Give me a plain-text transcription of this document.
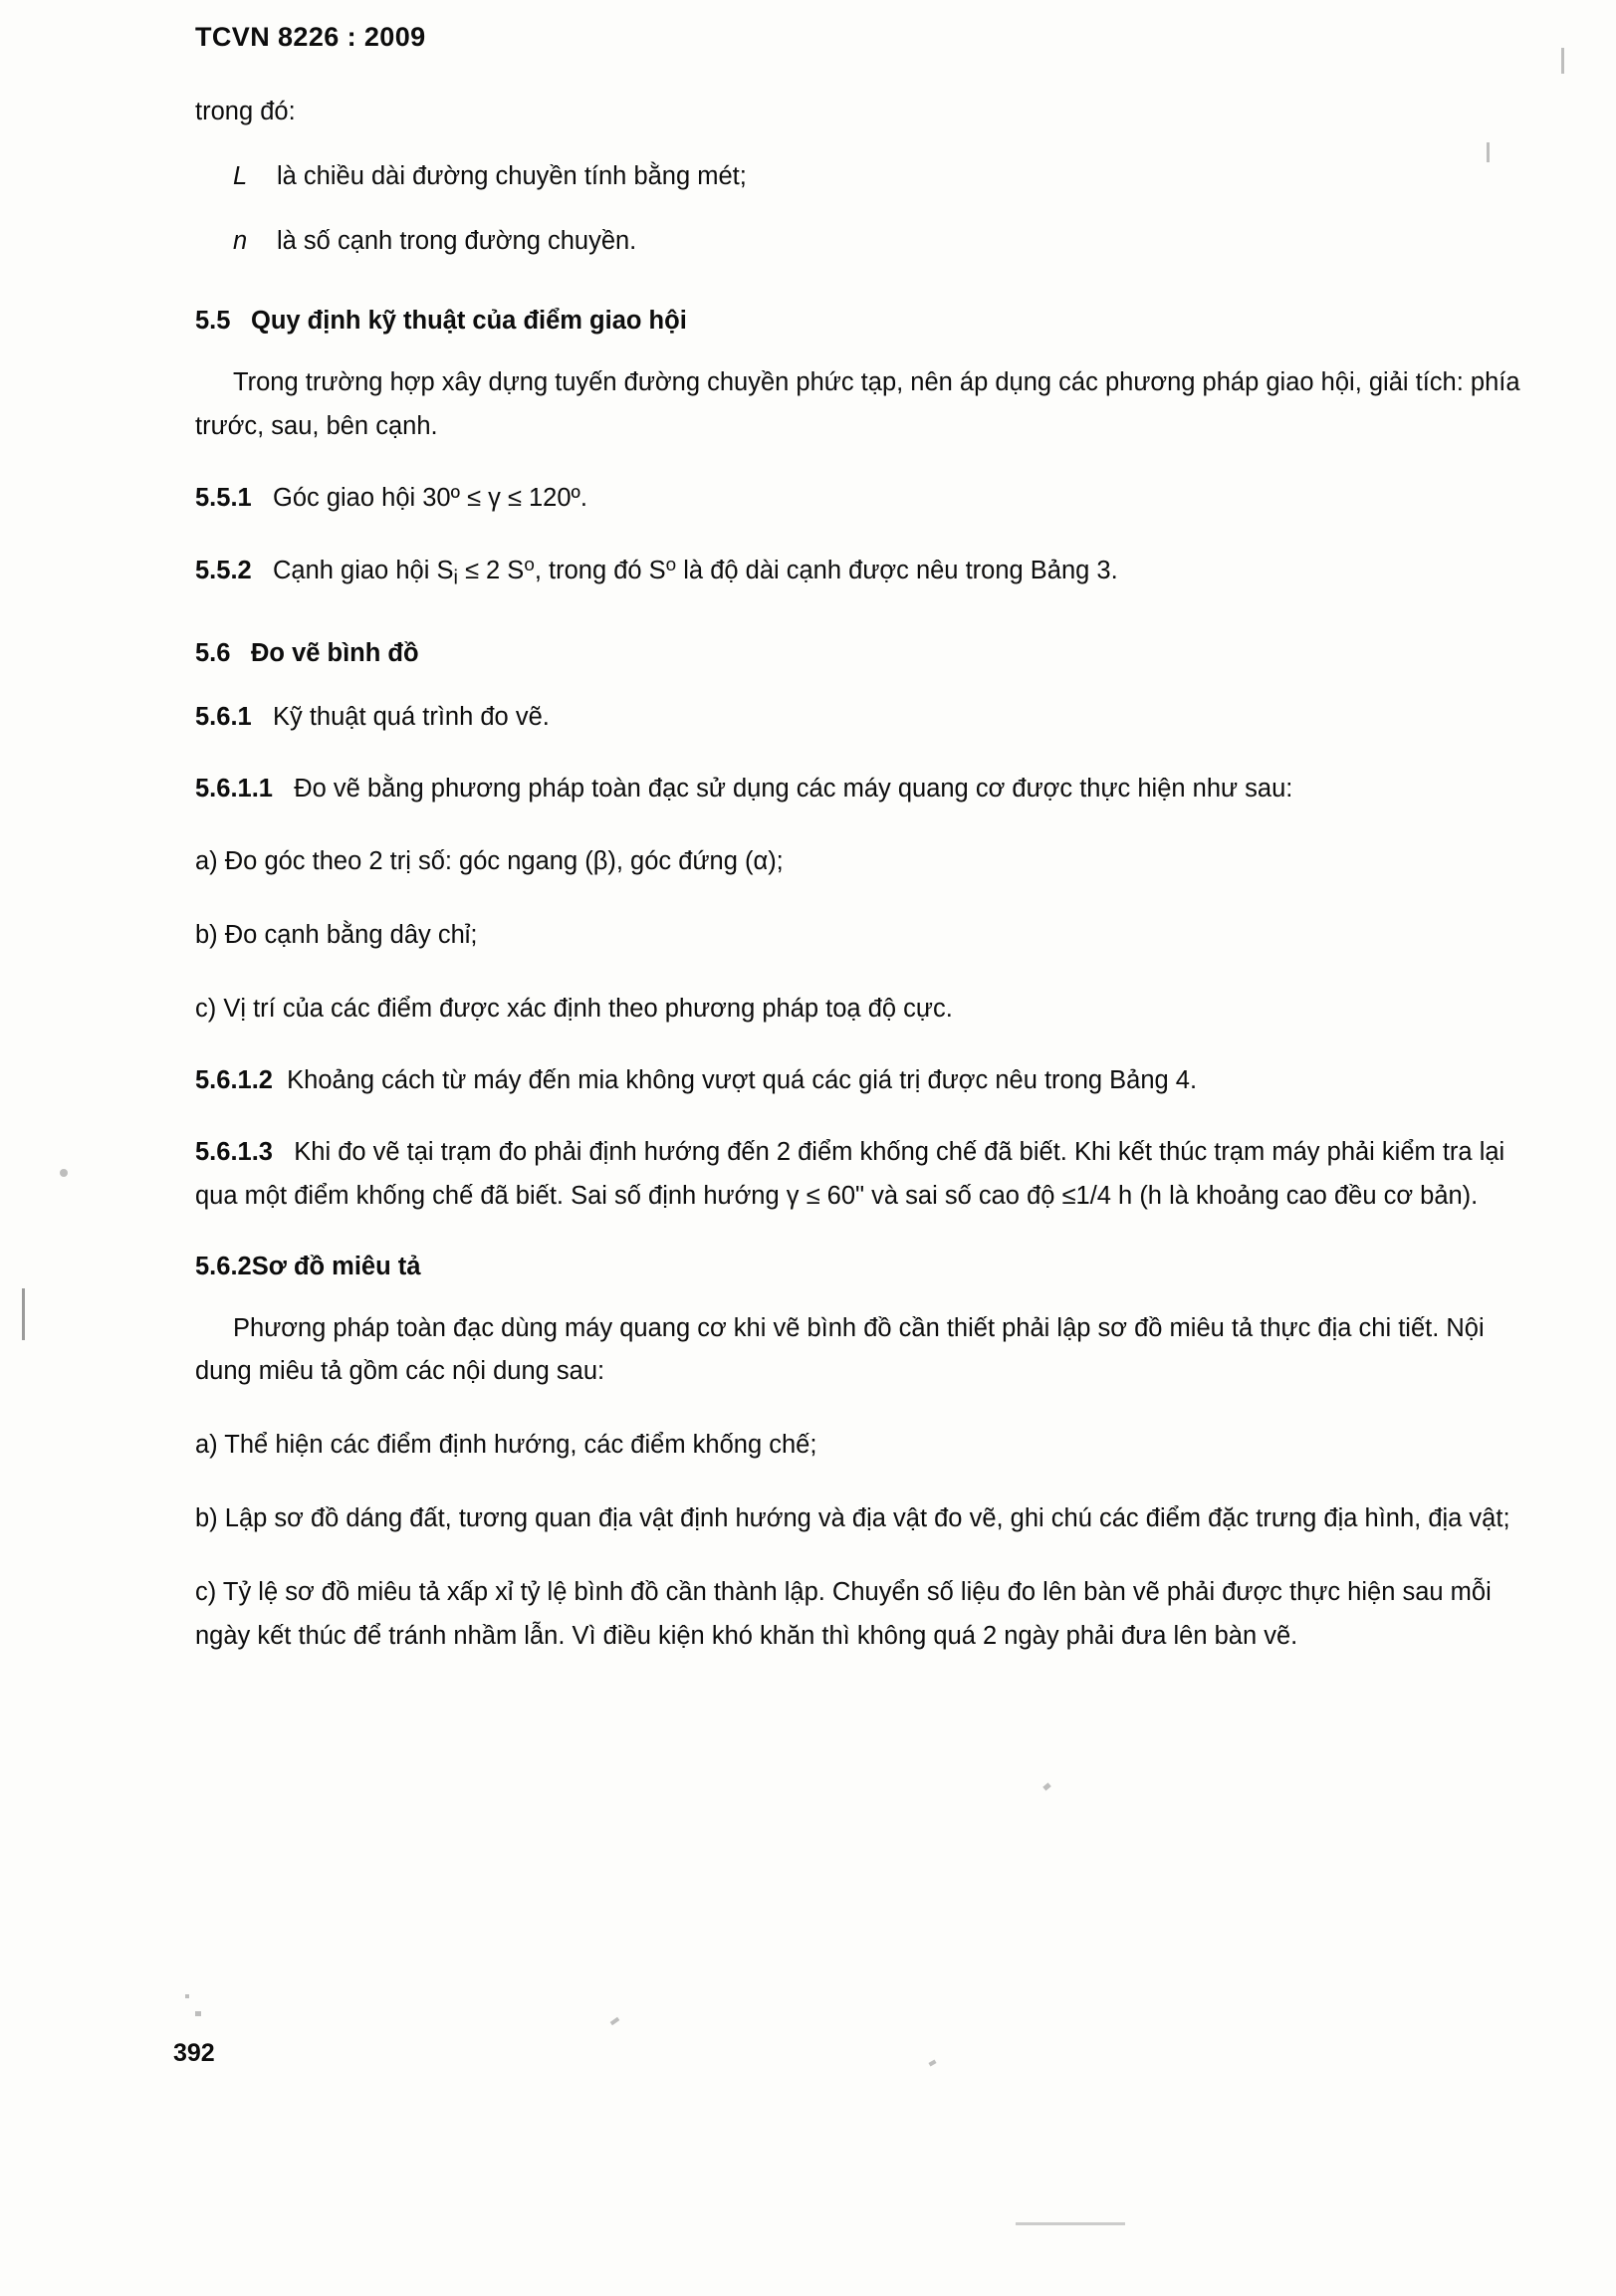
TCVN 8226 : 2009

trong đó:

L	là chiều dài đường chuyền tính bằng mét;
n	là số cạnh trong đường chuyền.
5.5 Quy định kỹ thuật của điểm giao hội

Trong trường hợp xây dựng tuyến đường chuyền phức tạp, nên áp dụng các phương pháp giao hội, giải tích: phía trước, sau, bên cạnh.

5.5.1 Góc giao hội 30º ≤ γ ≤ 120º.

5.5.2 Cạnh giao hội $S_i \le 2$ $S^o$, trong đó $S^o$ là độ dài cạnh được nêu trong Bảng 3.

5.6 Đo vẽ bình đồ

5.6.1 Kỹ thuật quá trình đo vẽ.

5.6.1.1 Đo vẽ bằng phương pháp toàn đạc sử dụng các máy quang cơ được thực hiện như sau:

a) Đo góc theo 2 trị số: góc ngang (β), góc đứng (α);

b) Đo cạnh bằng dây chỉ;

c) Vị trí của các điểm được xác định theo phương pháp toạ độ cực.

5.6.1.2 Khoảng cách từ máy đến mia không vượt quá các giá trị được nêu trong Bảng 4.

5.6.1.3 Khi đo vẽ tại trạm đo phải định hướng đến 2 điểm khống chế đã biết. Khi kết thúc trạm máy phải kiểm tra lại qua một điểm khống chế đã biết. Sai số định hướng γ ≤ 60" và sai số cao độ ≤1/4 h (h là khoảng cao đều cơ bản).

5.6.2Sơ đồ miêu tả

Phương pháp toàn đạc dùng máy quang cơ khi vẽ bình đồ cần thiết phải lập sơ đồ miêu tả thực địa chi tiết. Nội dung miêu tả gồm các nội dung sau:

a) Thể hiện các điểm định hướng, các điểm khống chế;

b) Lập sơ đồ dáng đất, tương quan địa vật định hướng và địa vật đo vẽ, ghi chú các điểm đặc trưng địa hình, địa vật;

c) Tỷ lệ sơ đồ miêu tả xấp xỉ tỷ lệ bình đồ cần thành lập. Chuyển số liệu đo lên bàn vẽ phải được thực hiện sau mỗi ngày kết thúc để tránh nhầm lẫn. Vì điều kiện khó khăn thì không quá 2 ngày phải đưa lên bàn vẽ.

392
